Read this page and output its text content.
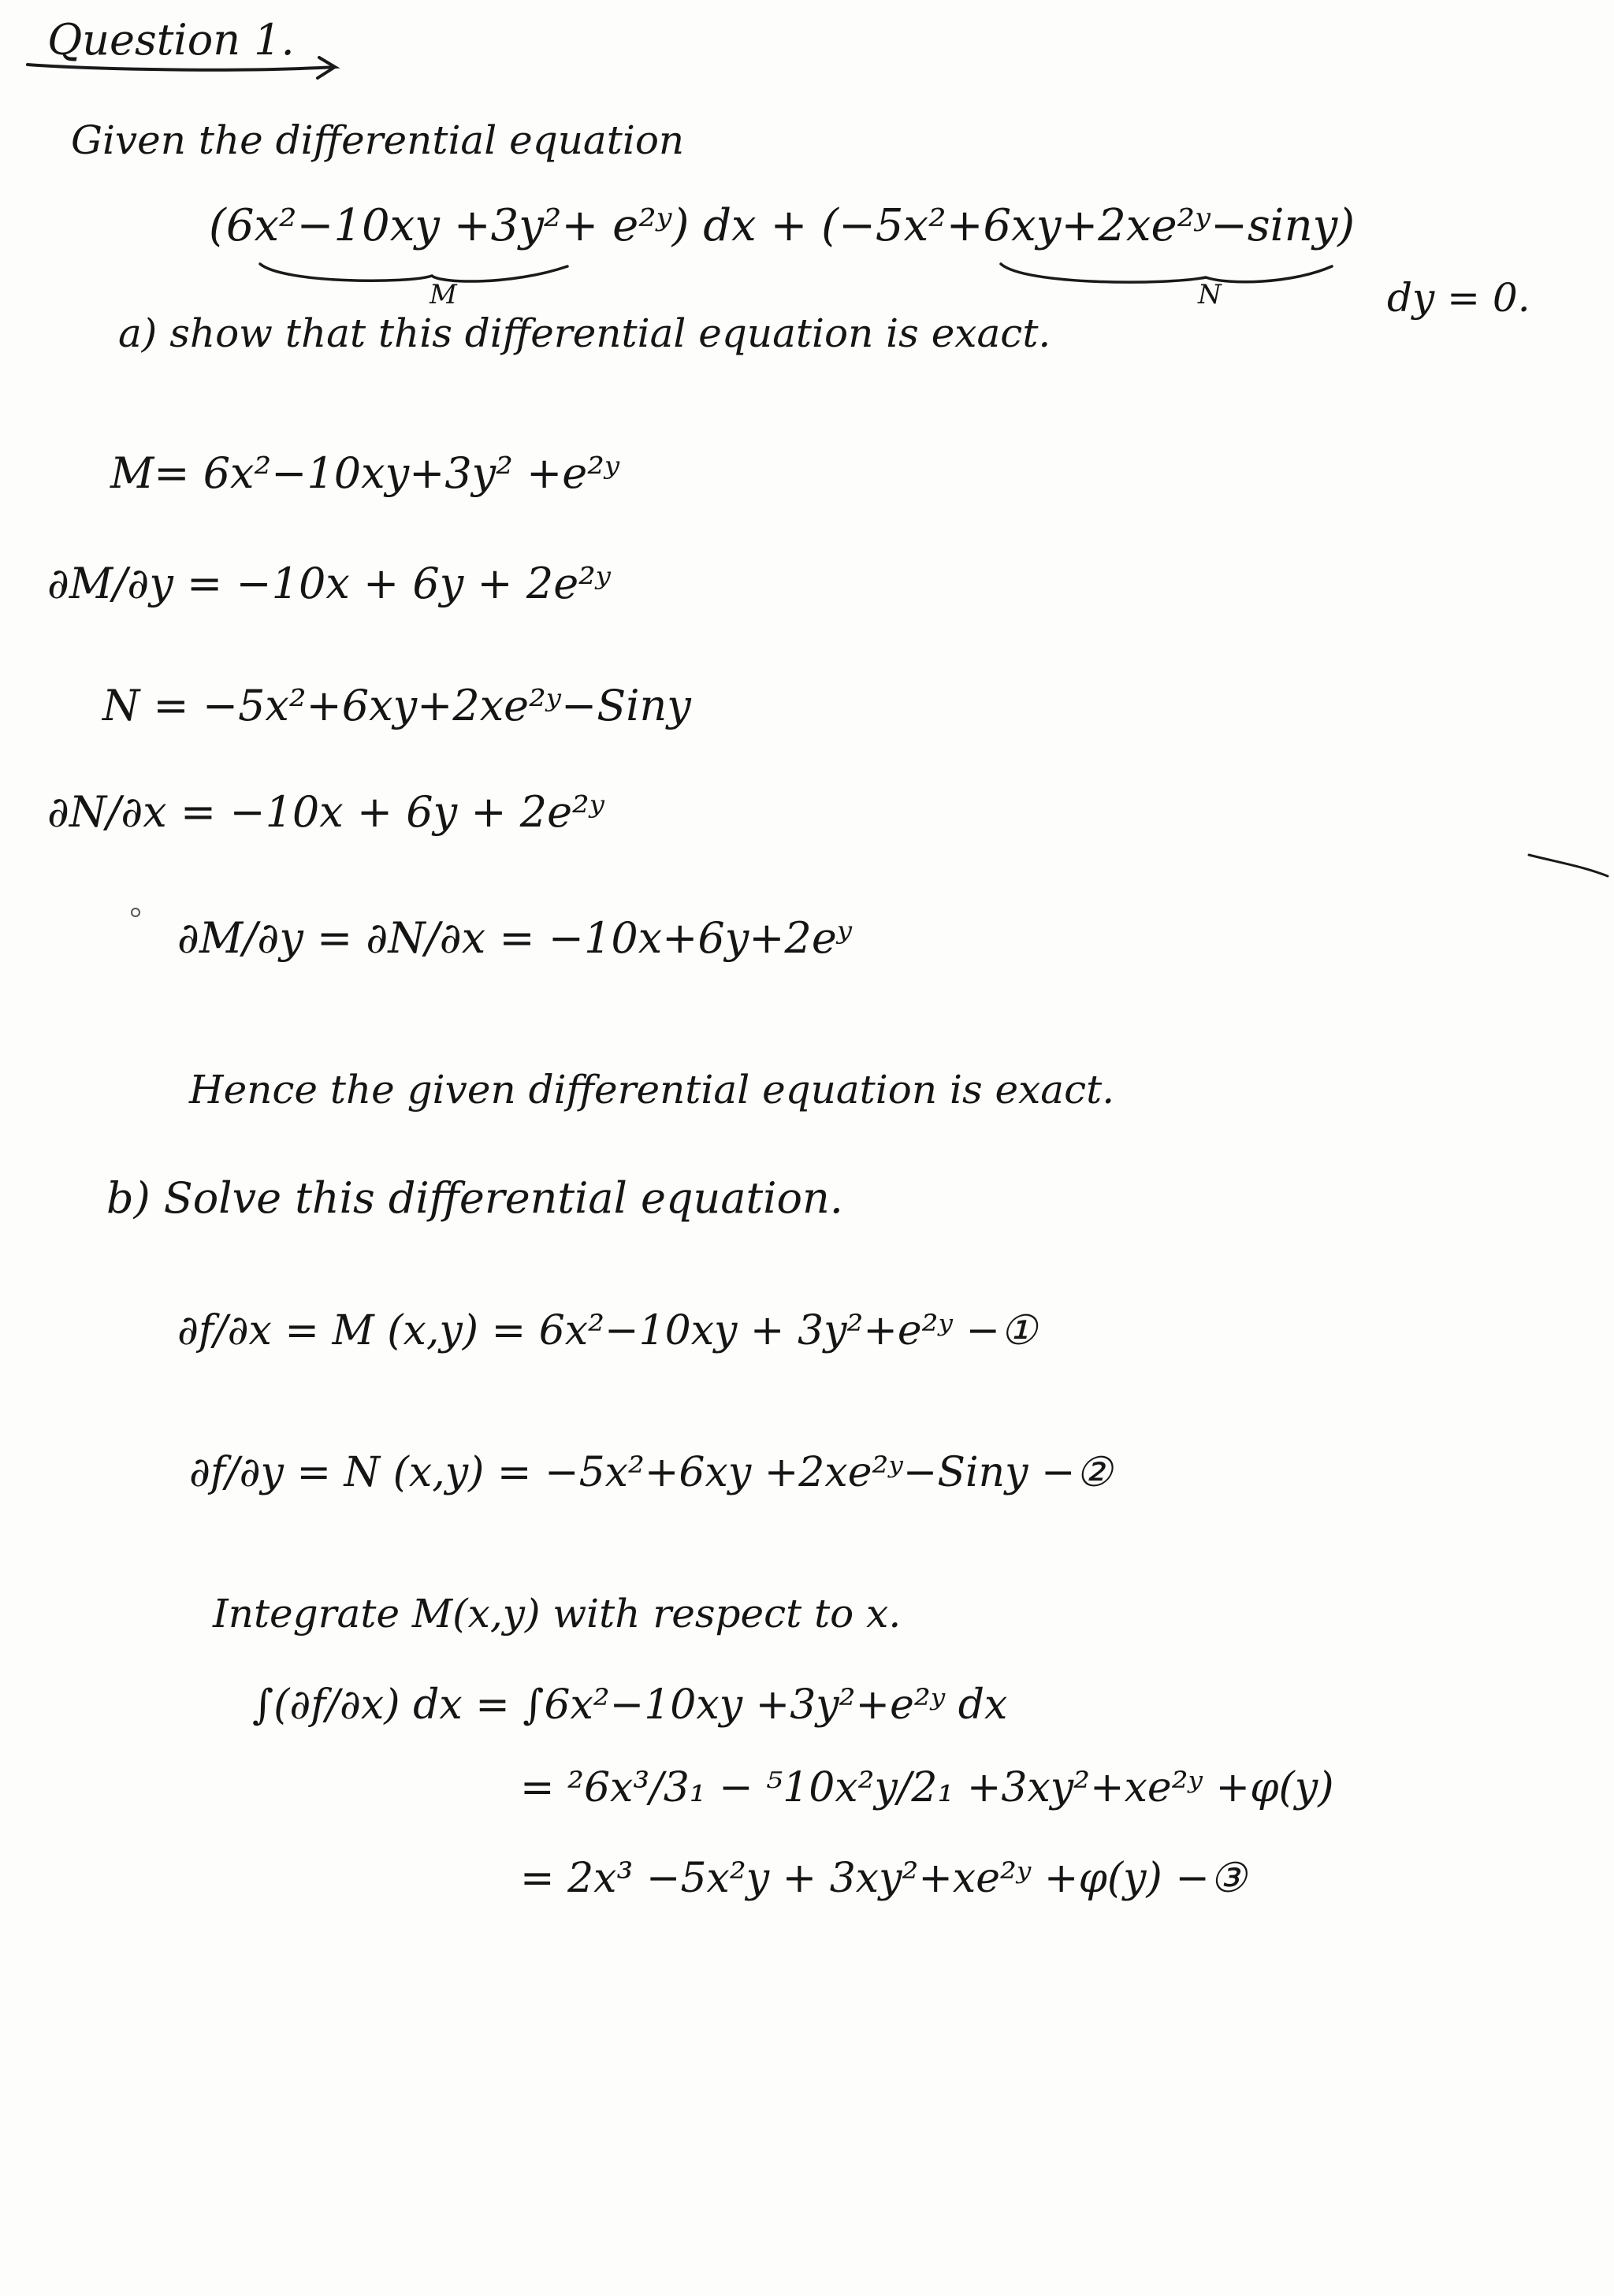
Question 1.
Given the differential equation
(6x²−10xy +3y²+ e²ʸ) dx + (−5x²+6xy+2xe²ʸ−siny)
M	N	dy = 0.
a) show that this differential equation is exact.
M= 6x²−10xy+3y² +e²ʸ
∂M/∂y = −10x + 6y + 2e²ʸ
N = −5x²+6xy+2xe²ʸ−Siny
∂N/∂x = −10x + 6y + 2e²ʸ
∂M/∂y = ∂N/∂x = −10x+6y+2eʸ
Hence the given differential equation is exact.
b) Solve this differential equation.
∂f/∂x = M (x,y) = 6x²−10xy + 3y²+e²ʸ −①
∂f/∂y = N (x,y) = −5x²+6xy +2xe²ʸ−Siny −②
Integrate M(x,y) with respect to x.
∫(∂f/∂x) dx = ∫6x²−10xy +3y²+e²ʸ dx
= ²6x³/3₁ − ⁵10x²y/2₁ +3xy²+xe²ʸ +φ(y)
= 2x³ −5x²y + 3xy²+xe²ʸ +φ(y) −③
